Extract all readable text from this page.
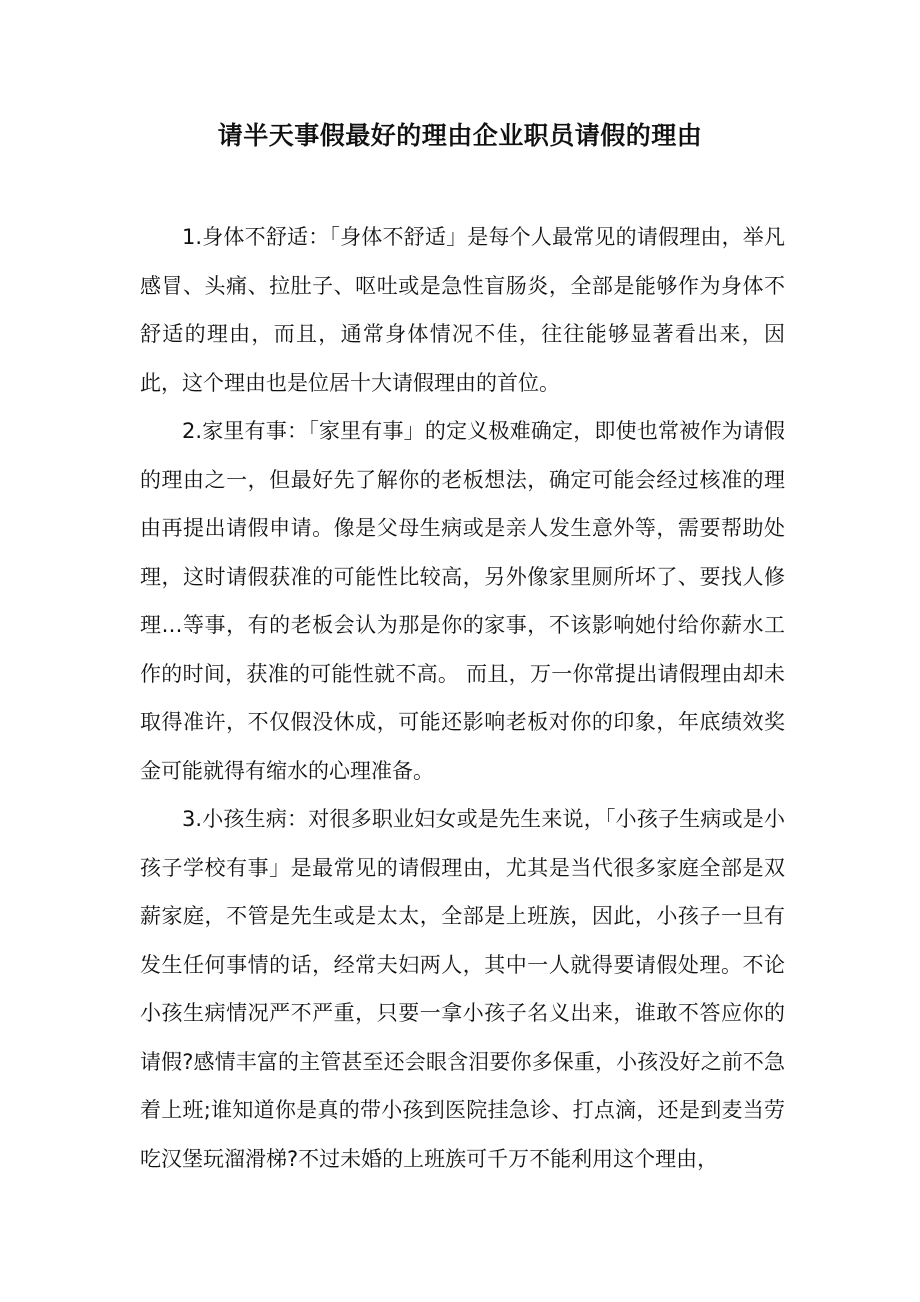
请半天事假最好的理由企业职员请假的理由

1.身体不舒适：「身体不舒适」是每个人最常见的请假理由，举凡感冒、头痛、拉肚子、呕吐或是急性盲肠炎，全部是能够作为身体不舒适的理由，而且，通常身体情况不佳，往往能够显著看出来，因此，这个理由也是位居十大请假理由的首位。

2.家里有事：「家里有事」的定义极难确定，即使也常被作为请假的理由之一，但最好先了解你的老板想法，确定可能会经过核准的理由再提出请假申请。像是父母生病或是亲人发生意外等，需要帮助处理，这时请假获准的可能性比较高，另外像家里厕所坏了、要找人修理…等事，有的老板会认为那是你的家事，不该影响她付给你薪水工作的时间，获准的可能性就不高。 而且，万一你常提出请假理由却未取得准许，不仅假没休成，可能还影响老板对你的印象，年底绩效奖金可能就得有缩水的心理准备。

3.小孩生病：对很多职业妇女或是先生来说，「小孩子生病或是小孩子学校有事」是最常见的请假理由，尤其是当代很多家庭全部是双薪家庭，不管是先生或是太太，全部是上班族，因此，小孩子一旦有发生任何事情的话，经常夫妇两人，其中一人就得要请假处理。不论小孩生病情况严不严重，只要一拿小孩子名义出来，谁敢不答应你的请假?感情丰富的主管甚至还会眼含泪要你多保重，小孩没好之前不急着上班;谁知道你是真的带小孩到医院挂急诊、打点滴，还是到麦当劳吃汉堡玩溜滑梯?不过未婚的上班族可千万不能利用这个理由，
